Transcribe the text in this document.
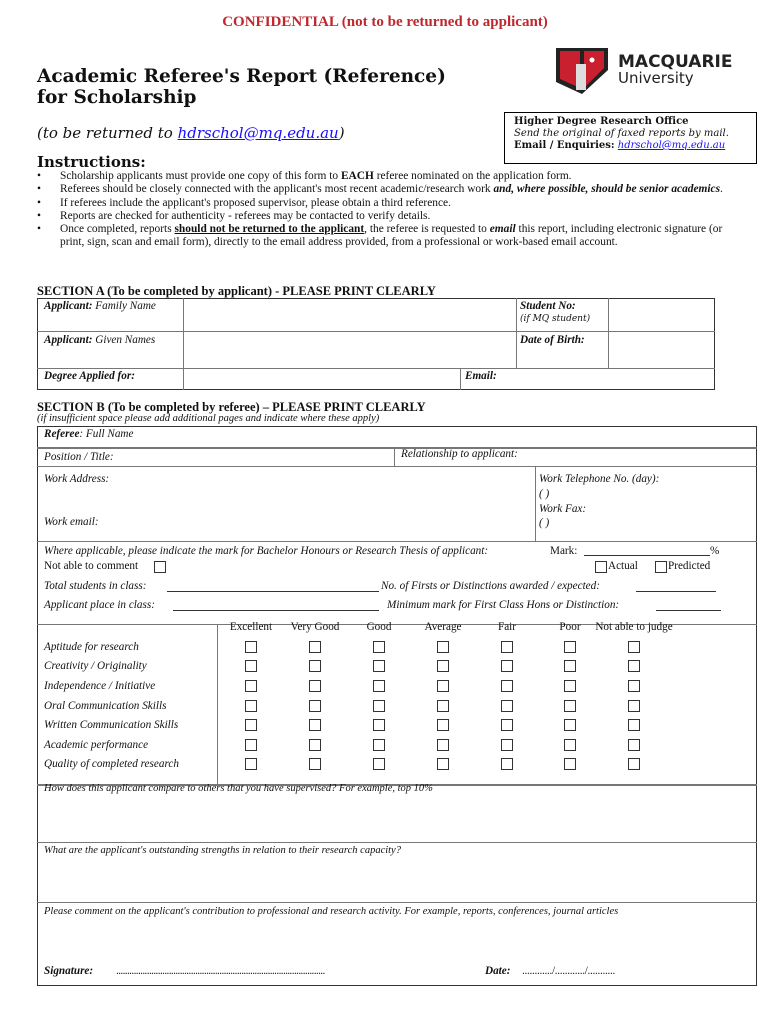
CONFIDENTIAL (not to be returned to applicant)
Academic Referee's Report (Reference) for Scholarship
MACQUARIE
University
(to be returned to hdrschol@mq.edu.au)
Higher Degree Research Office
Send the original of faxed reports by mail.
Email / Enquiries: hdrschol@mq.edu.au
Instructions:
• Scholarship applicants must provide one copy of this form to EACH referee nominated on the application form.
• Referees should be closely connected with the applicant's most recent academic/research work and, where possible, should be senior academics.
• If referees include the applicant's proposed supervisor, please obtain a third reference.
• Reports are checked for authenticity - referees may be contacted to verify details.
• Once completed, reports should not be returned to the applicant, the referee is requested to email this report, including electronic signature (or print, sign, scan and email form), directly to the email address provided, from a professional or work-based email account.
SECTION A (To be completed by applicant) - PLEASE PRINT CLEARLY
Applicant: Family Name	Student No:
(if MQ student)
Applicant: Given Names	Date of Birth:
Degree Applied for:	Email:
SECTION B (To be completed by referee) – PLEASE PRINT CLEARLY
(if insufficient space please add additional pages and indicate where these apply)
Referee: Full Name
Position / Title:	Relationship to applicant:
Work Address:
Work email:
Work Telephone No. (day):
( )
Work Fax:
( )
Where applicable, please indicate the mark for Bachelor Honours or Research Thesis of applicant:	Mark:	%
Not able to comment	Actual	Predicted
Total students in class:	No. of Firsts or Distinctions awarded / expected:
Applicant place in class:	Minimum mark for First Class Hons or Distinction:
Excellent	Very Good	Good	Average	Fair	Poor	Not able to judge
Aptitude for research
Creativity / Originality
Independence / Initiative
Oral Communication Skills
Written Communication Skills
Academic performance
Quality of completed research
How does this applicant compare to others that you have supervised? For example, top 10%
What are the applicant's outstanding strengths in relation to their research capacity?
Please comment on the applicant's contribution to professional and research activity. For example, reports, conferences, journal articles
Signature: ...............................................................................................	Date: ............/............/...........
